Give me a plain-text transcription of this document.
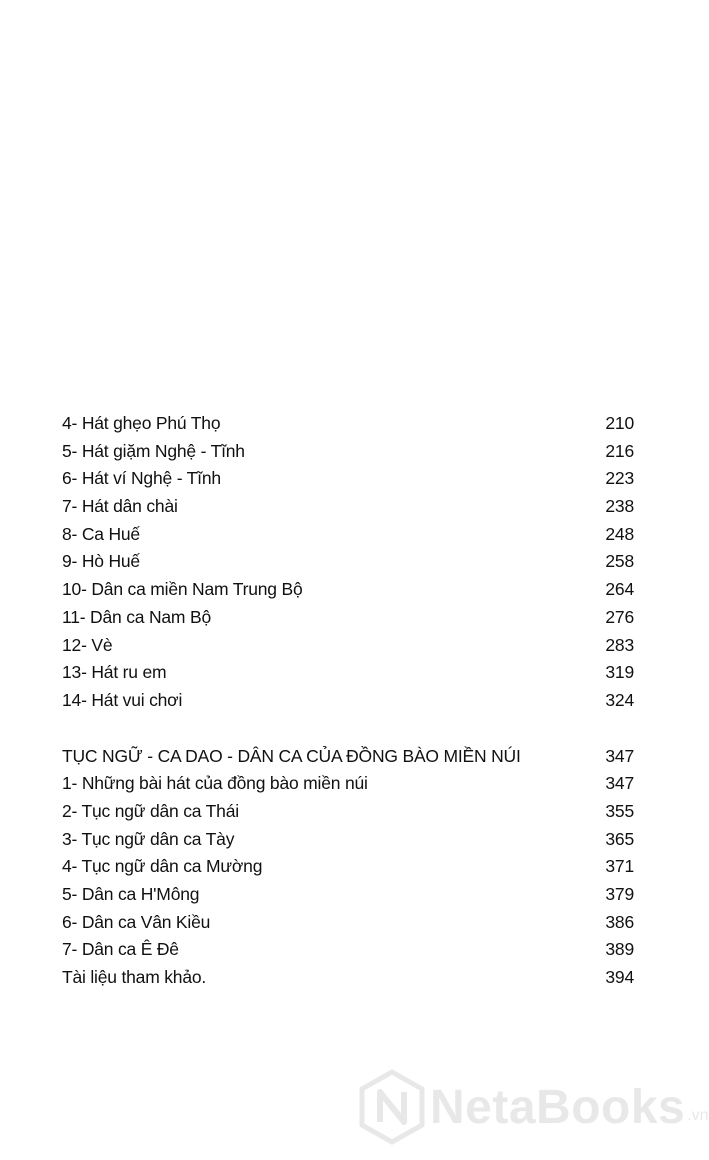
4- Hát ghẹo Phú Thọ	210
5- Hát giặm Nghệ - Tĩnh	216
6- Hát ví Nghệ - Tĩnh	223
7- Hát dân chài	238
8- Ca Huế	248
9- Hò Huế	258
10- Dân ca miền Nam Trung Bộ	264
11- Dân ca Nam Bộ	276
12- Vè	283
13- Hát ru em	319
14- Hát vui chơi	324
TỤC NGỮ - CA DAO - DÂN CA CỦA ĐỒNG BÀO MIỀN NÚI	347
1- Những bài hát của đồng bào miền núi	347
2- Tục ngữ dân ca Thái	355
3- Tục ngữ dân ca Tày	365
4- Tục ngữ dân ca Mường	371
5- Dân ca H'Mông	379
6- Dân ca Vân Kiều	386
7- Dân ca Ê Đê	389
Tài liệu tham khảo.	394
NetaBooks .vn
